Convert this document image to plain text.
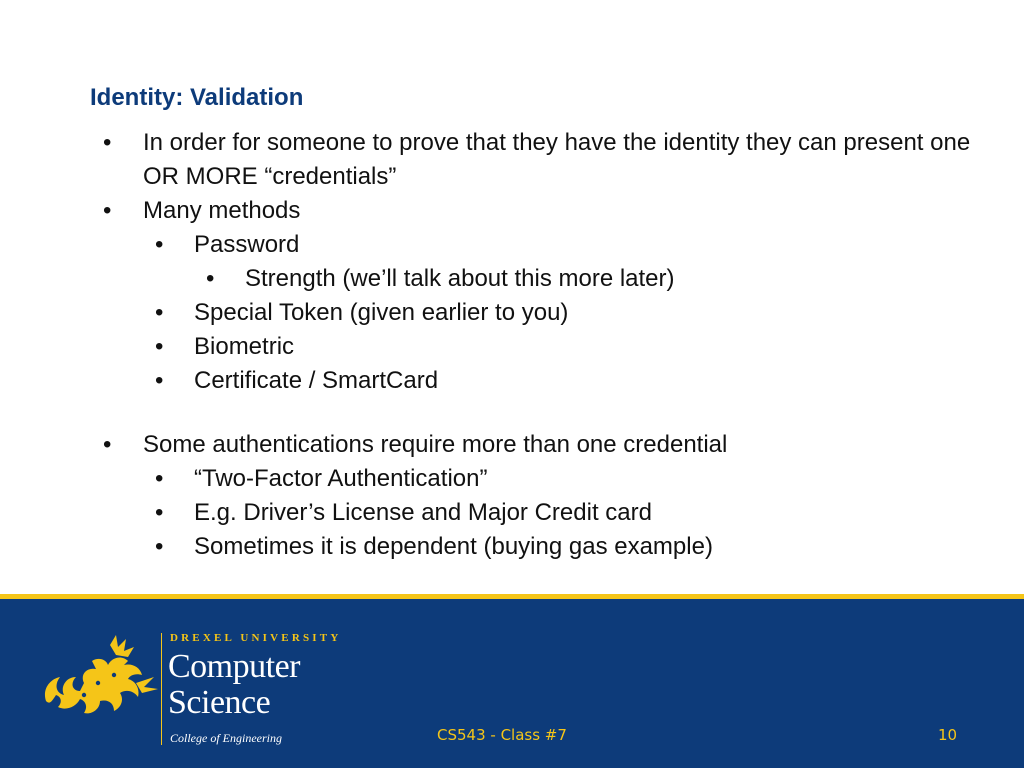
Identity: Validation
• In order for someone to prove that they have the identity they can present one OR MORE “credentials”
• Many methods
• Password
• Strength (we’ll talk about this more later)
• Special Token (given earlier to you)
• Biometric
• Certificate / SmartCard
• Some authentications require more than one credential
• “Two-Factor Authentication”
• E.g. Driver’s License and Major Credit card
• Sometimes it is dependent (buying gas example)
DREXEL UNIVERSITY
Computer
Science
College of Engineering	CS543 - Class #7	10
